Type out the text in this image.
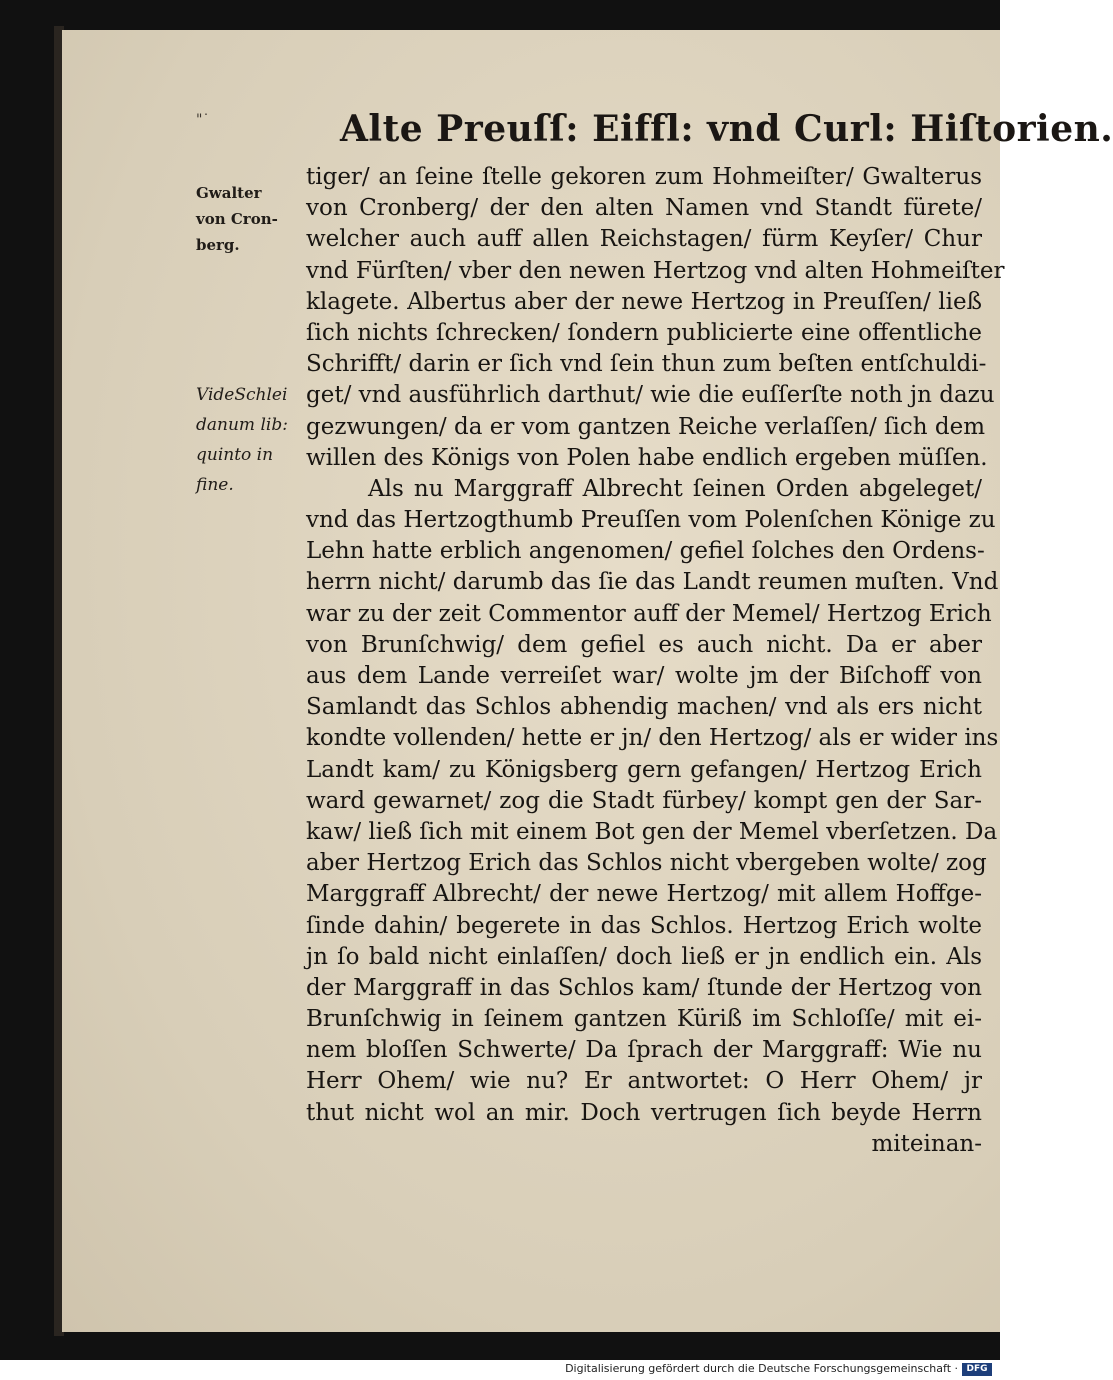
"˙	Alte Preuſſ: Eiffl: vnd Curl: Hiſtorien.
Gwalter
von Cron-
berg.
VideSchlei
danum lib:
quinto in
fine.
tiger/ an ſeine ſtelle gekoren zum Hohmeiſter/ Gwalterus
von Cronberg/ der den alten Namen vnd Standt fürete/
welcher auch auff allen Reichstagen/ fürm Keyſer/ Chur
vnd Fürſten/ vber den newen Hertzog vnd alten Hohmeiſter
klagete. Albertus aber der newe Hertzog in Preuſſen/ ließ
ſich nichts ſchrecken/ ſondern publicierte eine offentliche
Schrifft/ darin er ſich vnd ſein thun zum beſten entſchuldi-
get/ vnd ausführlich darthut/ wie die euſſerſte noth jn dazu
gezwungen/ da er vom gantzen Reiche verlaſſen/ ſich dem
willen des Königs von Polen habe endlich ergeben müſſen.
Als nu Marggraff Albrecht ſeinen Orden abgeleget/
vnd das Hertzogthumb Preuſſen vom Polenſchen Könige zu
Lehn hatte erblich angenomen/ gefiel ſolches den Ordens-
herrn nicht/ darumb das ſie das Landt reumen muſten. Vnd
war zu der zeit Commentor auff der Memel/ Hertzog Erich
von Brunſchwig/ dem gefiel es auch nicht. Da er aber
aus dem Lande verreiſet war/ wolte jm der Biſchoff von
Samlandt das Schlos abhendig machen/ vnd als ers nicht
kondte vollenden/ hette er jn/ den Hertzog/ als er wider ins
Landt kam/ zu Königsberg gern gefangen/ Hertzog Erich
ward gewarnet/ zog die Stadt fürbey/ kompt gen der Sar-
kaw/ ließ ſich mit einem Bot gen der Memel vberſetzen. Da
aber Hertzog Erich das Schlos nicht vbergeben wolte/ zog
Marggraff Albrecht/ der newe Hertzog/ mit allem Hoffge-
ſinde dahin/ begerete in das Schlos. Hertzog Erich wolte
jn ſo bald nicht einlaſſen/ doch ließ er jn endlich ein. Als
der Marggraff in das Schlos kam/ ſtunde der Hertzog von
Brunſchwig in ſeinem gantzen Küriß im Schloſſe/ mit ei-
nem bloſſen Schwerte/ Da ſprach der Marggraff: Wie nu
Herr Ohem/ wie nu? Er antwortet: O Herr Ohem/ jr
thut nicht wol an mir. Doch vertrugen ſich beyde Herrn
miteinan-
Digitalisierung gefördert durch die Deutsche Forschungsgemeinschaft · DFG
